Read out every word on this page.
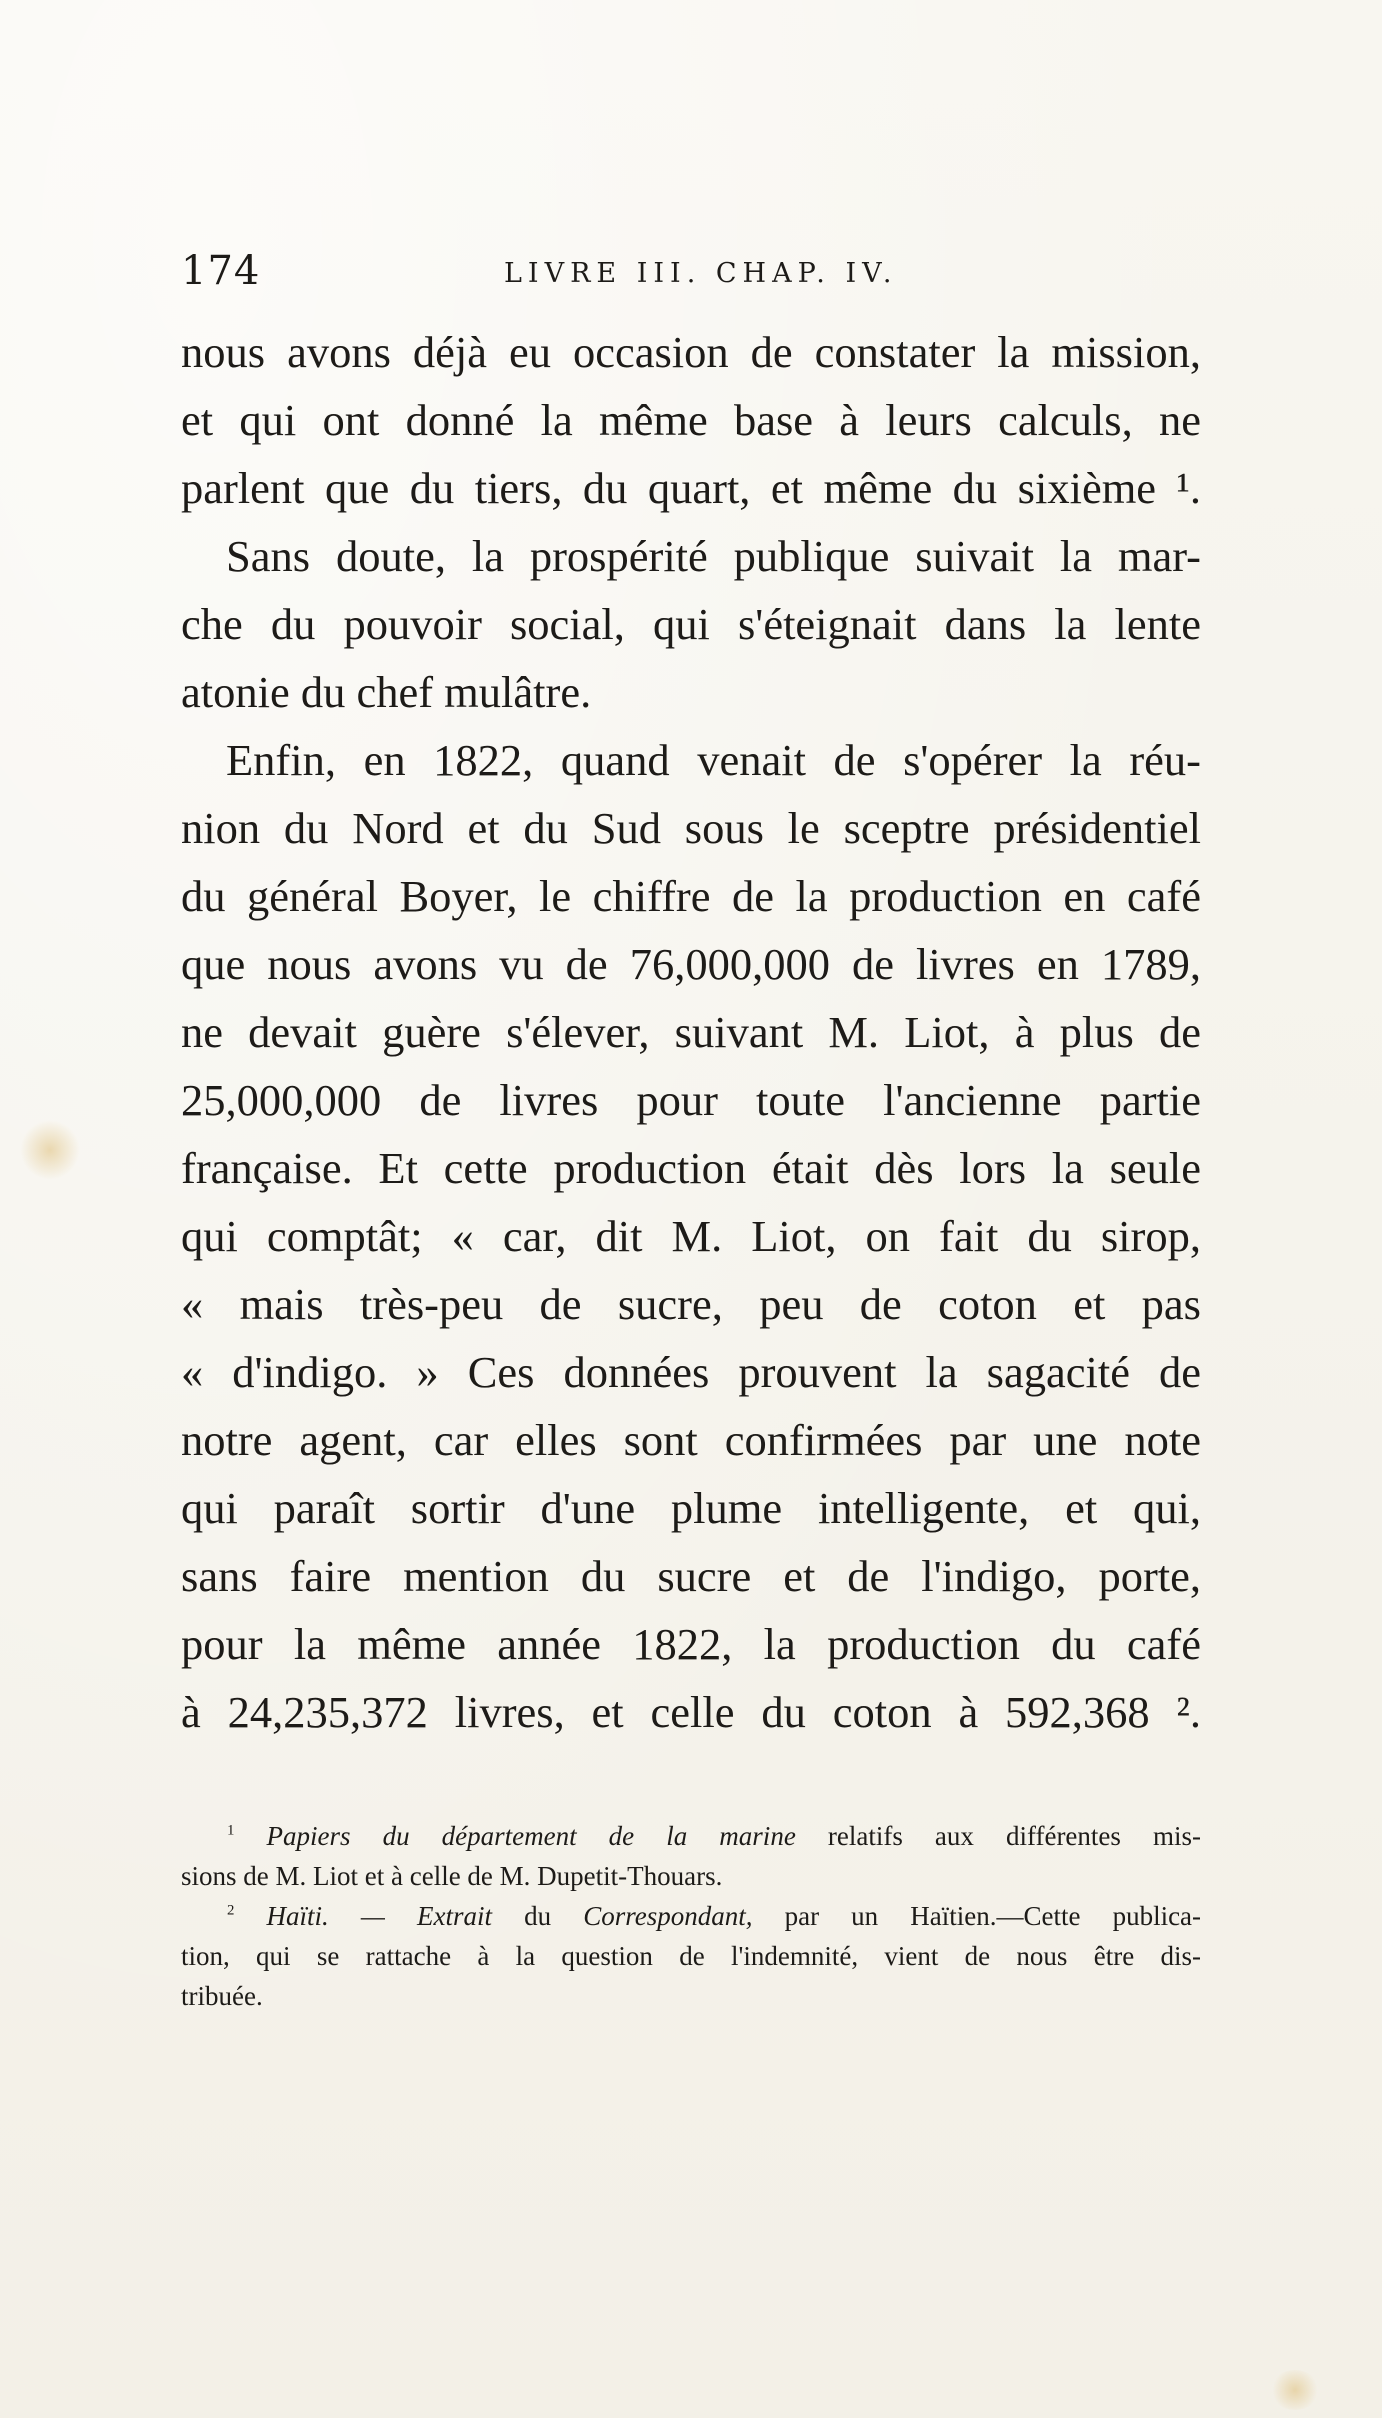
174	LIVRE III. CHAP. IV.
nous avons déjà eu occasion de constater la mission,
et qui ont donné la même base à leurs calculs, ne
parlent que du tiers, du quart, et même du sixième ¹.
Sans doute, la prospérité publique suivait la mar-
che du pouvoir social, qui s'éteignait dans la lente
atonie du chef mulâtre.
Enfin, en 1822, quand venait de s'opérer la réu-
nion du Nord et du Sud sous le sceptre présidentiel
du général Boyer, le chiffre de la production en café
que nous avons vu de 76,000,000 de livres en 1789,
ne devait guère s'élever, suivant M. Liot, à plus de
25,000,000 de livres pour toute l'ancienne partie
française. Et cette production était dès lors la seule
qui comptât; « car, dit M. Liot, on fait du sirop,
« mais très-peu de sucre, peu de coton et pas
« d'indigo. » Ces données prouvent la sagacité de
notre agent, car elles sont confirmées par une note
qui paraît sortir d'une plume intelligente, et qui,
sans faire mention du sucre et de l'indigo, porte,
pour la même année 1822, la production du café
à 24,235,372 livres, et celle du coton à 592,368 ².
$^1$ Papiers du département de la marine relatifs aux différentes mis-
sions de M. Liot et à celle de M. Dupetit-Thouars.
$^2$ Haïti. — Extrait du Correspondant, par un Haïtien.—Cette publica-
tion, qui se rattache à la question de l'indemnité, vient de nous être dis-
tribuée.
